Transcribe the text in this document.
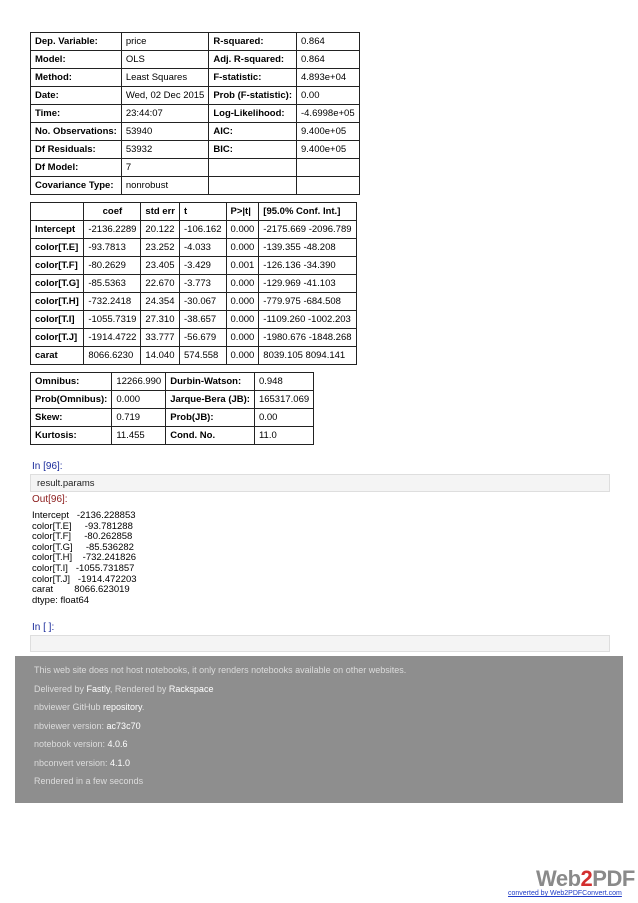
Dep. Variable:	price	R-squared:	0.864
Model:	OLS	Adj. R-squared:	0.864
Method:	Least Squares	F-statistic:	4.893e+04
Date:	Wed, 02 Dec 2015	Prob (F-statistic):	0.00
Time:	23:44:07	Log-Likelihood:	-4.6998e+05
No. Observations:	53940	AIC:	9.400e+05
Df Residuals:	53932	BIC:	9.400e+05
Df Model:	7		
Covariance Type:	nonrobust		
	coef	std err	t	P>|t|	[95.0% Conf. Int.]
Intercept	-2136.2289	20.122	-106.162	0.000	-2175.669 -2096.789
color[T.E]	-93.7813	23.252	-4.033	0.000	-139.355 -48.208
color[T.F]	-80.2629	23.405	-3.429	0.001	-126.136 -34.390
color[T.G]	-85.5363	22.670	-3.773	0.000	-129.969 -41.103
color[T.H]	-732.2418	24.354	-30.067	0.000	-779.975 -684.508
color[T.I]	-1055.7319	27.310	-38.657	0.000	-1109.260 -1002.203
color[T.J]	-1914.4722	33.777	-56.679	0.000	-1980.676 -1848.268
carat	8066.6230	14.040	574.558	0.000	8039.105 8094.141
Omnibus:	12266.990	Durbin-Watson:	0.948
Prob(Omnibus):	0.000	Jarque-Bera (JB):	165317.069
Skew:	0.719	Prob(JB):	0.00
Kurtosis:	11.455	Cond. No.	11.0
In [96]:
result.params
Out[96]:
Intercept   -2136.228853
color[T.E]     -93.781288
color[T.F]     -80.262858
color[T.G]     -85.536282
color[T.H]    -732.241826
color[T.I]   -1055.731857
color[T.J]   -1914.472203
carat        8066.623019
dtype: float64
In [ ]:

This web site does not host notebooks, it only renders notebooks available on other websites.

Delivered by Fastly, Rendered by Rackspace

nbviewer GitHub repository.

nbviewer version: ac73c70

notebook version: 4.0.6

nbconvert version: 4.1.0

Rendered in a few seconds

Web2PDF
converted by Web2PDFConvert.com
